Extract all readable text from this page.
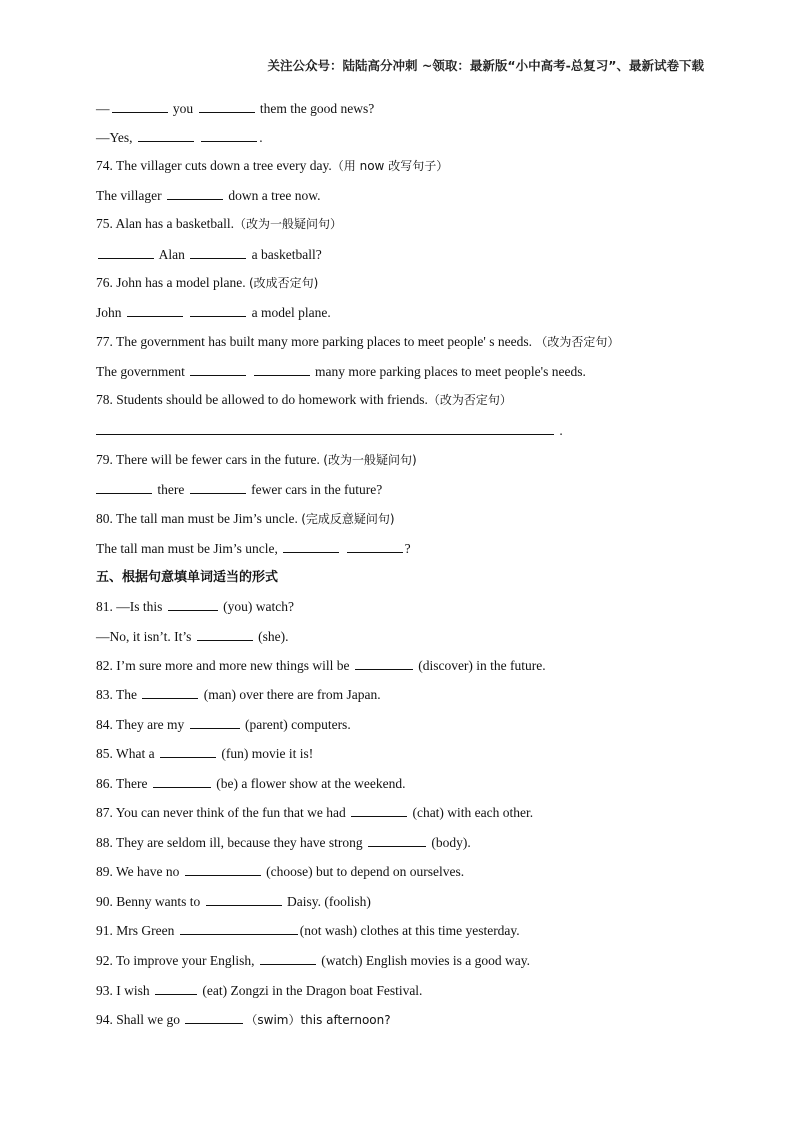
关注公众号：陆陆高分冲刺 ~领取：最新版“小中高考-总复习”、最新试卷下载
—	you	them the good news?
—Yes,	.
74. The villager cuts down a tree every day.（用 now 改写句子）
The villager	down a tree now.
75. Alan has a basketball.（改为一般疑问句）
Alan	a basketball?
76. John has a model plane. (改成否定句)
John	a model plane.
77. The government has built many more parking places to meet people' s needs. （改为否定句）
The government	many more parking places to meet people's needs.
78. Students should be allowed to do homework with friends.（改为否定句）
.
79. There will be fewer cars in the future. (改为一般疑问句)
there	fewer cars in the future?
80. The tall man must be Jim’s uncle. (完成反意疑问句)
The tall man must be Jim’s uncle,	?
五、根据句意填单词适当的形式
81. —Is this	(you) watch?
—No, it isn’t. It’s	(she).
82. I’m sure more and more new things will be	(discover) in the future.
83. The	(man) over there are from Japan.
84. They are my	(parent) computers.
85. What a	(fun) movie it is!
86. There	(be) a flower show at the weekend.
87. You can never think of the fun that we had	(chat) with each other.
88. They are seldom ill, because they have strong	(body).
89. We have no	(choose) but to depend on ourselves.
90. Benny wants to	Daisy. (foolish)
91. Mrs Green	(not wash) clothes at this time yesterday.
92. To improve your English,	(watch) English movies is a good way.
93. I wish	(eat) Zongzi in the Dragon boat Festival.
94. Shall we go	（swim）this afternoon?
